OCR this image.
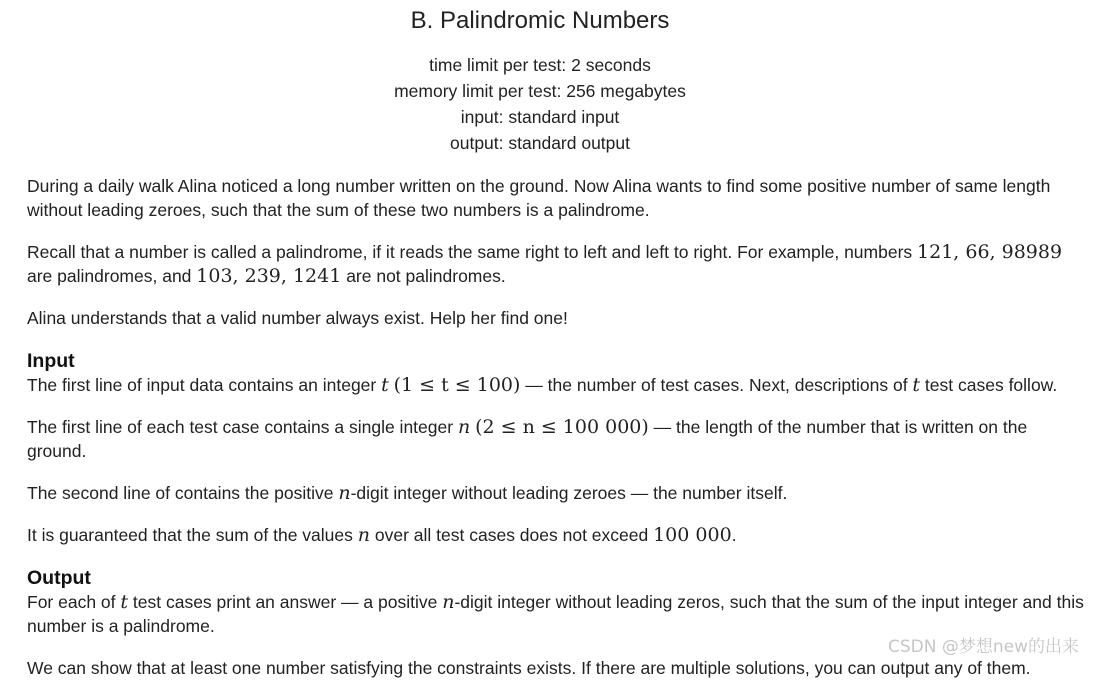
B. Palindromic Numbers
time limit per test: 2 seconds
memory limit per test: 256 megabytes
input: standard input
output: standard output

During a daily walk Alina noticed a long number written on the ground. Now Alina wants to find some positive number of same length without leading zeroes, such that the sum of these two numbers is a palindrome.

Recall that a number is called a palindrome, if it reads the same right to left and left to right. For example, numbers 121, 66, 98989 are palindromes, and 103, 239, 1241 are not palindromes.

Alina understands that a valid number always exist. Help her find one!

Input

The first line of input data contains an integer t (1 ≤ t ≤ 100) — the number of test cases. Next, descriptions of t test cases follow.

The first line of each test case contains a single integer n (2 ≤ n ≤ 100 000) — the length of the number that is written on the ground.

The second line of contains the positive n-digit integer without leading zeroes — the number itself.

It is guaranteed that the sum of the values n over all test cases does not exceed 100 000.

Output

For each of t test cases print an answer — a positive n-digit integer without leading zeros, such that the sum of the input integer and this number is a palindrome.

We can show that at least one number satisfying the constraints exists. If there are multiple solutions, you can output any of them.

CSDN @梦想new的出来
